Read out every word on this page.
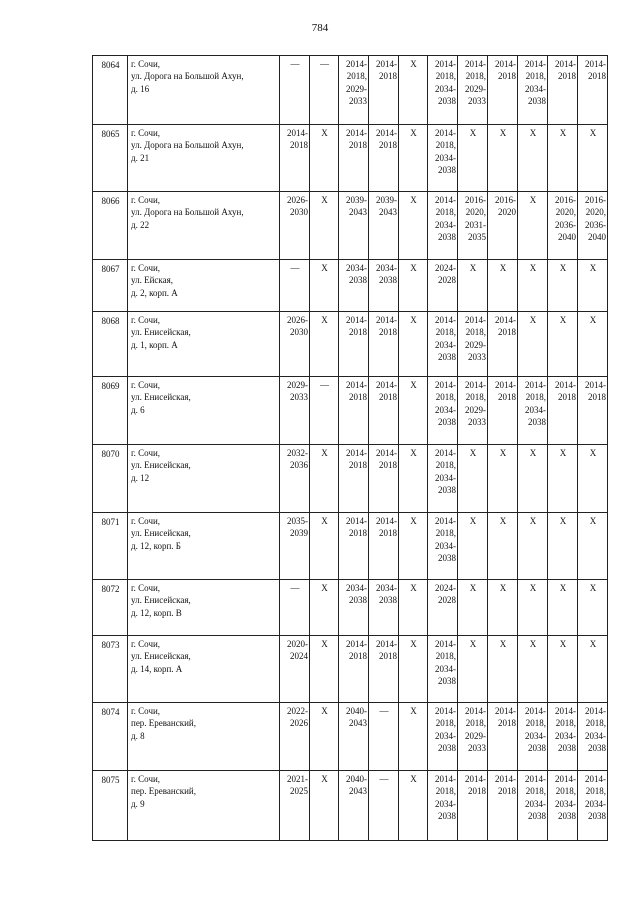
784
8064	г. Сочи,
ул. Дорога на Большой Ахун,
д. 16	—	—	2014-
2018,
2029-
2033	2014-
2018	Х	2014-
2018,
2034-
2038	2014-
2018,
2029-
2033	2014-
2018	2014-
2018,
2034-
2038	2014-
2018	2014-
2018
8065	г. Сочи,
ул. Дорога на Большой Ахун,
д. 21	2014-
2018	Х	2014-
2018	2014-
2018	Х	2014-
2018,
2034-
2038	Х	Х	Х	Х	Х
8066	г. Сочи,
ул. Дорога на Большой Ахун,
д. 22	2026-
2030	Х	2039-
2043	2039-
2043	Х	2014-
2018,
2034-
2038	2016-
2020,
2031-
2035	2016-
2020	Х	2016-
2020,
2036-
2040	2016-
2020,
2036-
2040
8067	г. Сочи,
ул. Ейская,
д. 2, корп. А	—	Х	2034-
2038	2034-
2038	Х	2024-
2028	Х	Х	Х	Х	Х
8068	г. Сочи,
ул. Енисейская,
д. 1, корп. А	2026-
2030	Х	2014-
2018	2014-
2018	Х	2014-
2018,
2034-
2038	2014-
2018,
2029-
2033	2014-
2018	Х	Х	Х
8069	г. Сочи,
ул. Енисейская,
д. 6	2029-
2033	—	2014-
2018	2014-
2018	Х	2014-
2018,
2034-
2038	2014-
2018,
2029-
2033	2014-
2018	2014-
2018,
2034-
2038	2014-
2018	2014-
2018
8070	г. Сочи,
ул. Енисейская,
д. 12	2032-
2036	Х	2014-
2018	2014-
2018	Х	2014-
2018,
2034-
2038	Х	Х	Х	Х	Х
8071	г. Сочи,
ул. Енисейская,
д. 12, корп. Б	2035-
2039	Х	2014-
2018	2014-
2018	Х	2014-
2018,
2034-
2038	Х	Х	Х	Х	Х
8072	г. Сочи,
ул. Енисейская,
д. 12, корп. В	—	Х	2034-
2038	2034-
2038	Х	2024-
2028	Х	Х	Х	Х	Х
8073	г. Сочи,
ул. Енисейская,
д. 14, корп. А	2020-
2024	Х	2014-
2018	2014-
2018	Х	2014-
2018,
2034-
2038	Х	Х	Х	Х	Х
8074	г. Сочи,
пер. Ереванский,
д. 8	2022-
2026	Х	2040-
2043	—	Х	2014-
2018,
2034-
2038	2014-
2018,
2029-
2033	2014-
2018	2014-
2018,
2034-
2038	2014-
2018,
2034-
2038	2014-
2018,
2034-
2038
8075	г. Сочи,
пер. Ереванский,
д. 9	2021-
2025	Х	2040-
2043	—	Х	2014-
2018,
2034-
2038	2014-
2018	2014-
2018	2014-
2018,
2034-
2038	2014-
2018,
2034-
2038	2014-
2018,
2034-
2038
